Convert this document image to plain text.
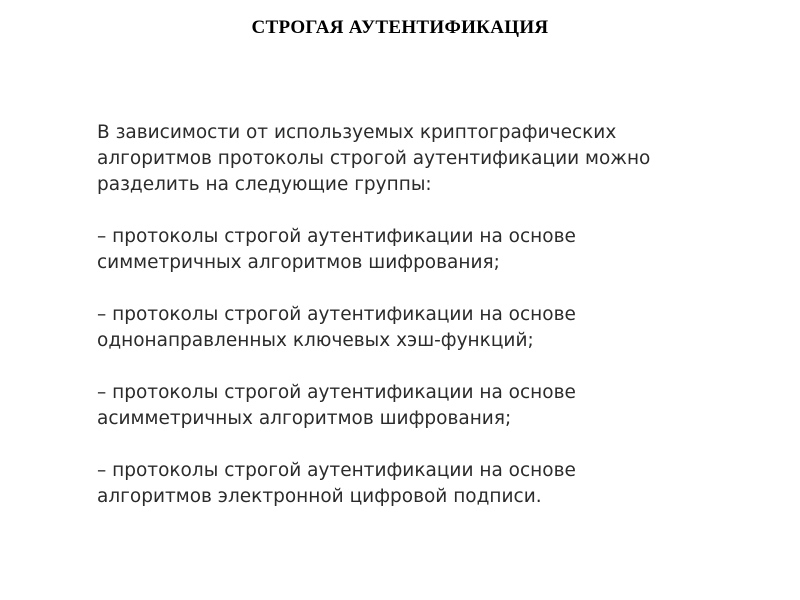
СТРОГАЯ АУТЕНТИФИКАЦИЯ

В зависимости от используемых криптографических
алгоритмов протоколы строгой аутентификации можно
разделить на следующие группы:

– протоколы строгой аутентификации на основе
симметричных алгоритмов шифрования;

– протоколы строгой аутентификации на основе
однонаправленных ключевых хэш-функций;

– протоколы строгой аутентификации на основе
асимметричных алгоритмов шифрования;

– протоколы строгой аутентификации на основе
алгоритмов электронной цифровой подписи.
